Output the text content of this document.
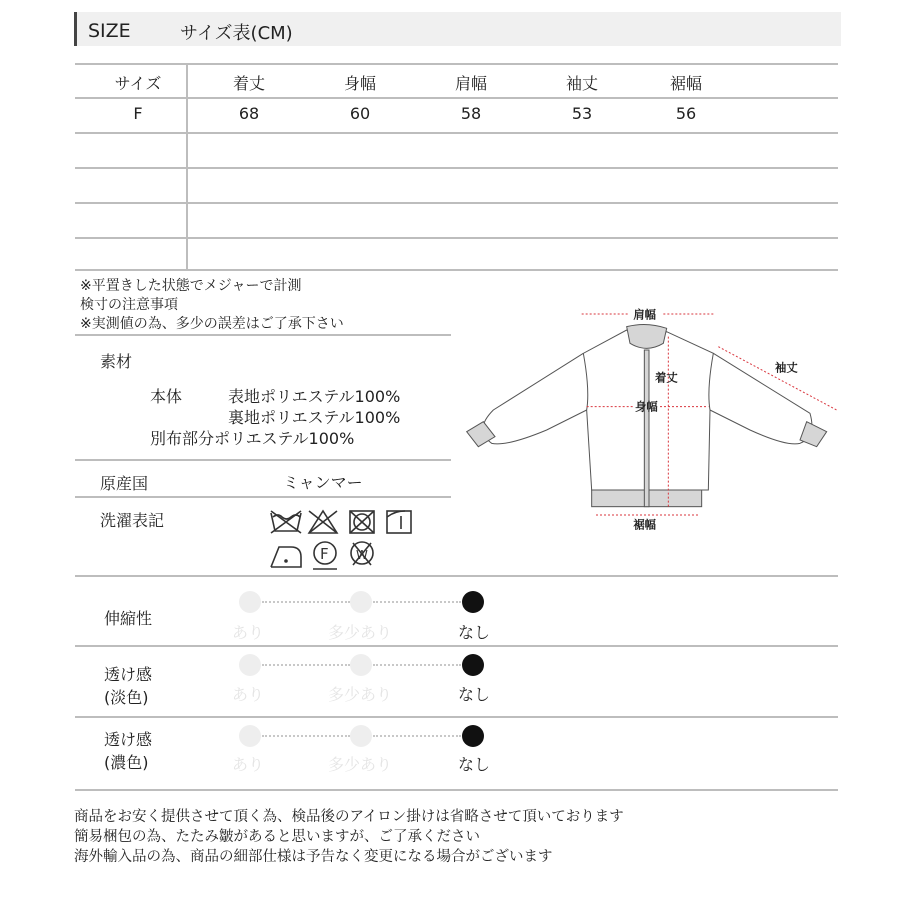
SIZE	サイズ表(CM)
サイズ	着丈	身幅	肩幅	袖丈	裾幅
F	68	60	58	53	56
※平置きした状態でメジャーで計測
検寸の注意事項
※実測値の為、多少の誤差はご了承下さい
素材
本体	表地ポリエステル100%
裏地ポリエステル100%
別布部分ポリエステル100%
原産国	ミャンマー
洗濯表記
F W
肩幅
着丈
袖丈
身幅
裾幅
伸縮性
あり	多少あり	なし
透け感
(淡色)	あり	多少あり	なし
透け感
(濃色)	あり	多少あり	なし
商品をお安く提供させて頂く為、検品後のアイロン掛けは省略させて頂いております
簡易梱包の為、たたみ皺があると思いますが、ご了承ください
海外輸入品の為、商品の細部仕様は予告なく変更になる場合がございます
